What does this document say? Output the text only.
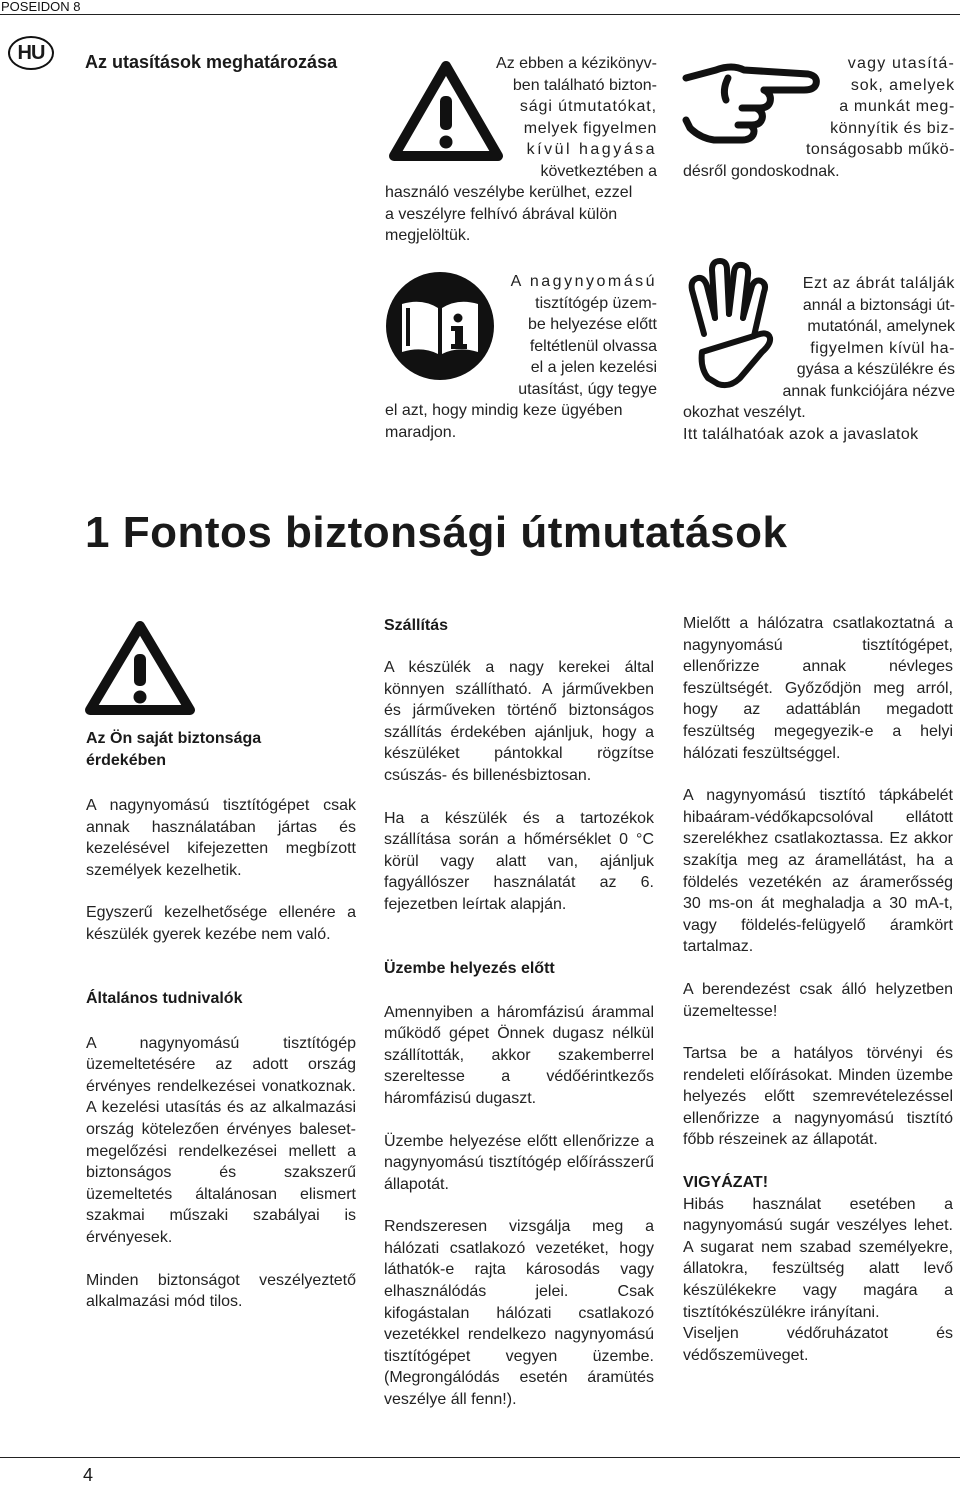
POSEIDON 8
HU	Az utasítások meghatározása	Az ebben a kézikönyv-
ben található bizton-
sági útmutatókat,
melyek figyelmen
kívül hagyása
következtében a
használó veszélybe kerülhet, ezzel
a veszélyre felhívó ábrával külön
megjelöltük.
A nagynyomású
tisztítógép üzem-
be helyezése előtt
feltétlenül olvassa
el a jelen kezelési
utasítást, úgy tegye
el azt, hogy mindig keze ügyében
maradjon.
vagy utasítá-
sok, amelyek
a munkát meg-
könnyítik és biz-
tonságosabb műkö-
désről gondoskodnak.
Ezt az ábrát találják
annál a biztonsági út-
mutatónál, amelynek
figyelmen kívül ha-
gyása a készülékre és
annak funkciójára nézve
okozhat veszélyt.
Itt találhatóak azok a javaslatok
1 Fontos biztonsági útmutatások
Az Ön saját biztonsága érdekében

A nagynyomású tisztítógépet csak annak használatában jártas és kezelésével kifejezetten megbízott személyek kezelhetik.

Egyszerű kezelhetősége ellenére a készülék gyerek kezébe nem való.

Általános tudnivalók

A nagynyomású tisztítógép üzemeltetésére az adott ország érvényes rendelkezései vonatkoznak. A kezelési utasítás és az alkalmazási ország kötelezően érvényes baleset-megelőzési rendelkezései mellett a biztonságos és szakszerű üzemeltetés általánosan elismert szakmai műszaki szabályai is érvényesek.

Minden biztonságot veszélyeztető alkalmazási mód tilos.

Szállítás

A készülék a nagy kerekei által könnyen szállítható. A járművekben és járműveken történő biztonságos szállítás érdekében ajánljuk, hogy a készüléket pántokkal rögzítse csúszás- és billenésbiztosan.

Ha a készülék és a tartozékok szállítása során a hőmérséklet 0 °C körül vagy alatt van, ajánljuk fagyállószer használatát az 6. fejezetben leírtak alapján.

Üzembe helyezés előtt

Amennyiben a háromfázisú árammal működő gépet Önnek dugasz nélkül szállították, akkor szakemberrel szereltesse a védőérintkezős háromfázisú dugaszt.

Üzembe helyezése előtt ellenőrizze a nagynyomású tisztítógép előírásszerű állapotát.

Rendszeresen vizsgálja meg a hálózati csatlakozó vezetéket, hogy láthatók-e rajta károsodás vagy elhasználódás jelei. Csak kifogástalan hálózati csatlakozó vezetékkel rendelkezo nagynyomású tisztítógépet vegyen üzembe. (Megrongálódás esetén áramütés veszélye áll fenn!).

Mielőtt a hálózatra csatlakoztatná a nagynyomású tisztítógépet, ellenőrizze annak névleges feszültségét. Győződjön meg arról, hogy az adattáblán megadott feszültség megegyezik-e a helyi hálózati feszültséggel.

A nagynyomású tisztító tápkábelét hibaáram-védőkapcsolóval ellátott szerelékhez csatlakoztassa. Ez akkor szakítja meg az áramellátást, ha a földelés vezetékén az áramerősség 30 ms-on át meghaladja a 30 mA-t, vagy földelés-felügyelő áramkört tartalmaz.

A berendezést csak álló helyzetben üzemeltesse!

Tartsa be a hatályos törvényi és rendeleti előírásokat. Minden üzembe helyezés előtt szemrevételezéssel ellenőrizze a nagynyomású tisztító főbb részeinek az állapotát.

VIGYÁZAT!

Hibás használat esetében a nagynyomású sugár veszélyes lehet. A sugarat nem szabad személyekre, állatokra, feszültség alatt levő készülékekre vagy magára a tisztítókészülékre irányítani.

Viseljen védőruházatot és védőszemüveget.

4
